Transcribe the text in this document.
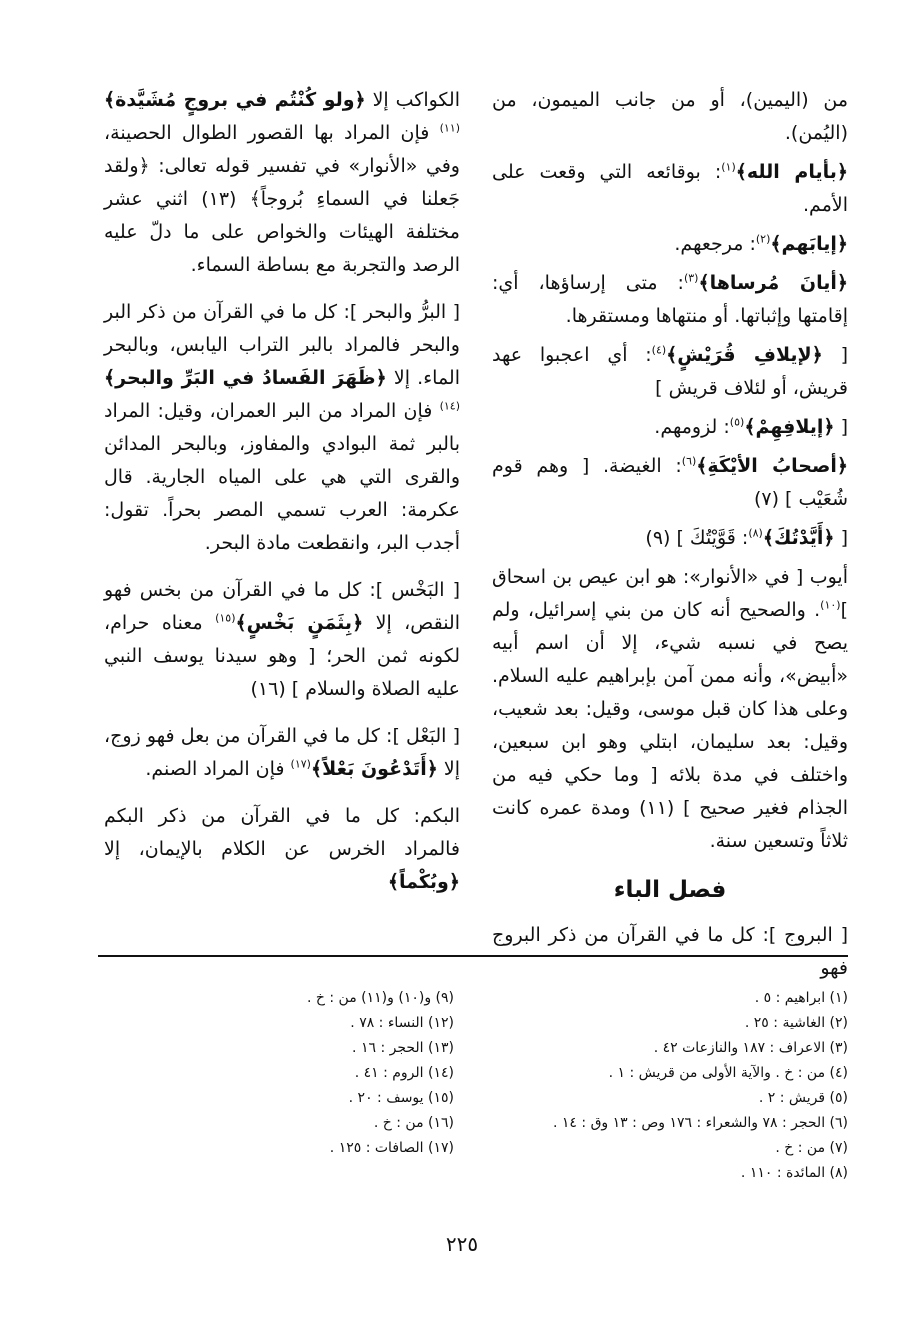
من (اليمين)، أو من جانب الميمون، من (اليُمن).

﴿بأيام الله﴾$^{(١)}$: بوقائعه التي وقعت على الأمم.

﴿إيابَهم﴾$^{(٢)}$: مرجعهم.

﴿أيانَ مُرساها﴾$^{(٣)}$: متى إرساؤها، أي: إقامتها وإثباتها. أو منتهاها ومستقرها.

[ ﴿لإيلافِ قُرَيْشٍ﴾$^{(٤)}$: أي اعجبوا عهد قريش، أو لئلاف قريش ]

[ ﴿إيلافِهِمْ﴾$^{(٥)}$: لزومهم.

﴿أصحابُ الأيْكَةِ﴾$^{(٦)}$: الغيضة. [ وهم قوم شُعَيْب ] (٧)

[ ﴿أَيَّدْتُكَ﴾$^{(٨)}$: قَوَّيْتُكَ ] (٩)

أيوب [ في «الأنوار»: هو ابن عيص بن اسحاق ]$^{(١٠)}$. والصحيح أنه كان من بني إسرائيل، ولم يصح في نسبه شيء، إلا أن اسم أبيه «أبيض»، وأنه ممن آمن بإبراهيم عليه السلام. وعلى هذا كان قبل موسى، وقيل: بعد شعيب، وقيل: بعد سليمان، ابتلي وهو ابن سبعين، واختلف في مدة بلائه [ وما حكي فيه من الجذام فغير صحيح ] (١١) ومدة عمره كانت ثلاثاً وتسعين سنة.

فصل الباء

[ البروج ]: كل ما في القرآن من ذكر البروج فهو

الكواكب إلا ﴿ولو كُنْتُم في بروجٍ مُشَيَّدة﴾$^{(١١)}$ فإن المراد بها القصور الطوال الحصينة، وفي «الأنوار» في تفسير قوله تعالى: ﴿ولقد جَعلنا في السماءِ بُروجاً﴾ (١٣) اثني عشر مختلفة الهيئات والخواص على ما دلّ عليه الرصد والتجربة مع بساطة السماء.

[ البرُّ والبحر ]: كل ما في القرآن من ذكر البر والبحر فالمراد بالبر التراب اليابس، وبالبحر الماء. إلا ﴿ظَهَرَ الفَسادُ في البَرِّ والبحر﴾$^{(١٤)}$ فإن المراد من البر العمران، وقيل: المراد بالبر ثمة البوادي والمفاوز، وبالبحر المدائن والقرى التي هي على المياه الجارية. قال عكرمة: العرب تسمي المصر بحراً. تقول: أجدب البر، وانقطعت مادة البحر.

[ البَخْس ]: كل ما في القرآن من بخس فهو النقص، إلا ﴿بِثَمَنٍ بَخْسٍ﴾$^{(١٥)}$ معناه حرام، لكونه ثمن الحر؛ [ وهو سيدنا يوسف النبي عليه الصلاة والسلام ] (١٦)

[ البَعْل ]: كل ما في القرآن من بعل فهو زوج، إلا ﴿أَتَدْعُونَ بَعْلاً﴾$^{(١٧)}$ فإن المراد الصنم.

البكم: كل ما في القرآن من ذكر البكم فالمراد الخرس عن الكلام بالإيمان، إلا ﴿وبُكْماً﴾

(١) ابراهيم : ٥ .
(٢) الغاشية : ٢٥ .
(٣) الاعراف : ١٨٧ والنازعات ٤٢ .
(٤) من : خ . والآية الأولى من قريش : ١ .
(٥) قريش : ٢ .
(٦) الحجر : ٧٨ والشعراء : ١٧٦ وص : ١٣ وق : ١٤ .
(٧) من : خ .
(٨) المائدة : ١١٠ .
(٩) و(١٠) و(١١) من : خ .
(١٢) النساء : ٧٨ .
(١٣) الحجر : ١٦ .
(١٤) الروم : ٤١ .
(١٥) يوسف : ٢٠ .
(١٦) من : خ .
(١٧) الصافات : ١٢٥ .
٢٢٥
